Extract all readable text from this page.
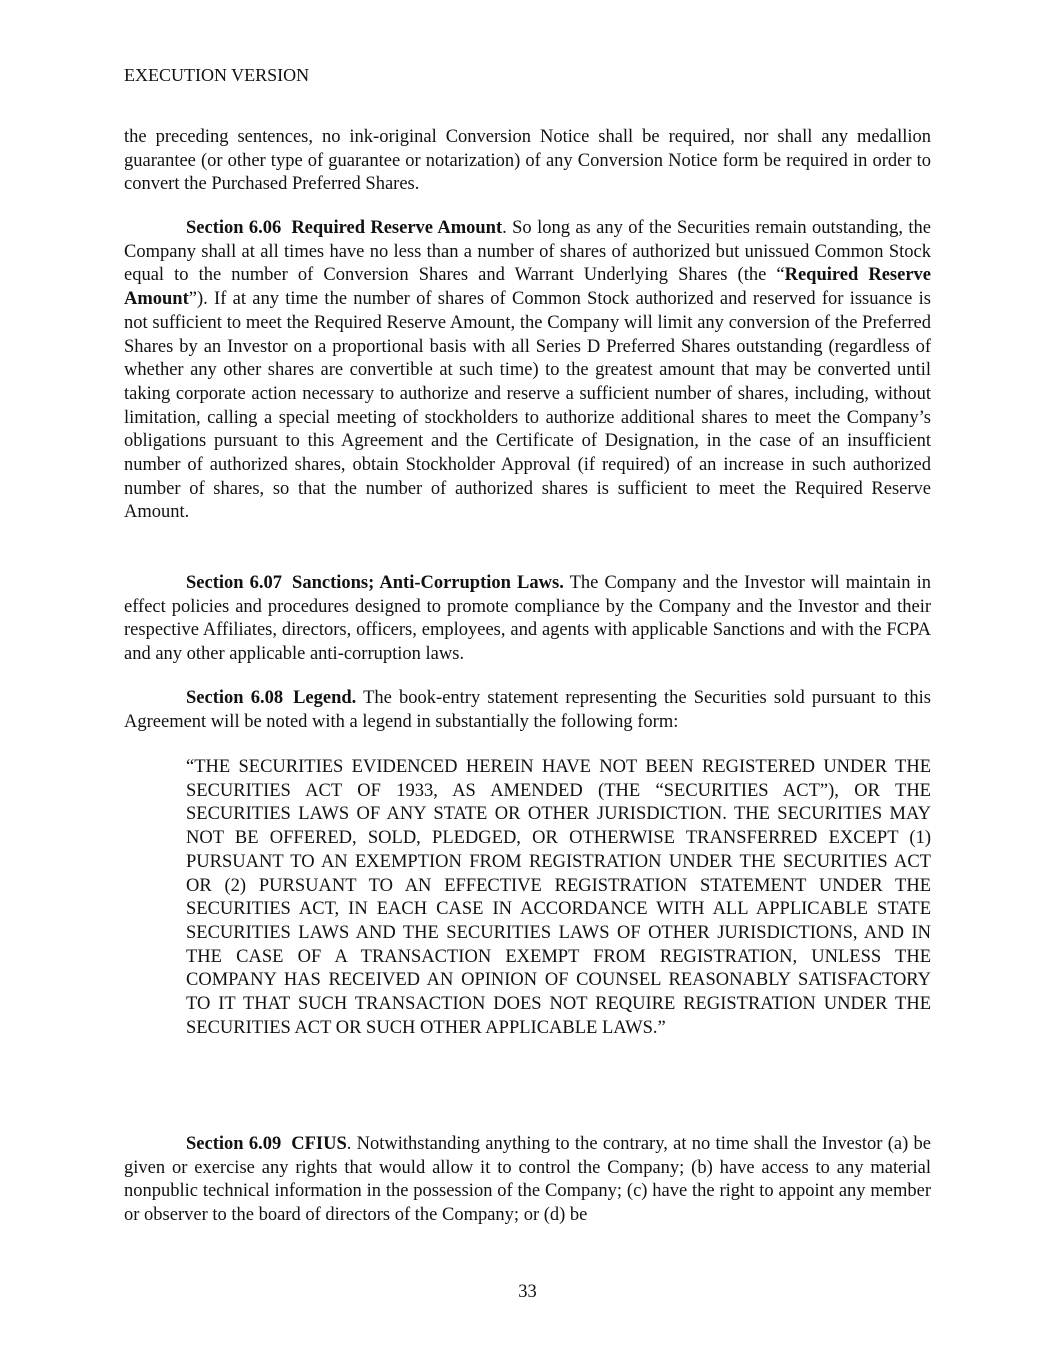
EXECUTION VERSION

the preceding sentences, no ink-original Conversion Notice shall be required, nor shall any medallion guarantee (or other type of guarantee or notarization) of any Conversion Notice form be required in order to convert the Purchased Preferred Shares.

Section 6.06 Required Reserve Amount. So long as any of the Securities remain outstanding, the Company shall at all times have no less than a number of shares of authorized but unissued Common Stock equal to the number of Conversion Shares and Warrant Underlying Shares (the “Required Reserve Amount”). If at any time the number of shares of Common Stock authorized and reserved for issuance is not sufficient to meet the Required Reserve Amount, the Company will limit any conversion of the Preferred Shares by an Investor on a proportional basis with all Series D Preferred Shares outstanding (regardless of whether any other shares are convertible at such time) to the greatest amount that may be converted until taking corporate action necessary to authorize and reserve a sufficient number of shares, including, without limitation, calling a special meeting of stockholders to authorize additional shares to meet the Company’s obligations pursuant to this Agreement and the Certificate of Designation, in the case of an insufficient number of authorized shares, obtain Stockholder Approval (if required) of an increase in such authorized number of shares, so that the number of authorized shares is sufficient to meet the Required Reserve Amount.

Section 6.07 Sanctions; Anti-Corruption Laws. The Company and the Investor will maintain in effect policies and procedures designed to promote compliance by the Company and the Investor and their respective Affiliates, directors, officers, employees, and agents with applicable Sanctions and with the FCPA and any other applicable anti-corruption laws.

Section 6.08 Legend. The book-entry statement representing the Securities sold pursuant to this Agreement will be noted with a legend in substantially the following form:

“THE SECURITIES EVIDENCED HEREIN HAVE NOT BEEN REGISTERED UNDER THE SECURITIES ACT OF 1933, AS AMENDED (THE “SECURITIES ACT”), OR THE SECURITIES LAWS OF ANY STATE OR OTHER JURISDICTION. THE SECURITIES MAY NOT BE OFFERED, SOLD, PLEDGED, OR OTHERWISE TRANSFERRED EXCEPT (1) PURSUANT TO AN EXEMPTION FROM REGISTRATION UNDER THE SECURITIES ACT OR (2) PURSUANT TO AN EFFECTIVE REGISTRATION STATEMENT UNDER THE SECURITIES ACT, IN EACH CASE IN ACCORDANCE WITH ALL APPLICABLE STATE SECURITIES LAWS AND THE SECURITIES LAWS OF OTHER JURISDICTIONS, AND IN THE CASE OF A TRANSACTION EXEMPT FROM REGISTRATION, UNLESS THE COMPANY HAS RECEIVED AN OPINION OF COUNSEL REASONABLY SATISFACTORY TO IT THAT SUCH TRANSACTION DOES NOT REQUIRE REGISTRATION UNDER THE SECURITIES ACT OR SUCH OTHER APPLICABLE LAWS.”

Section 6.09 CFIUS. Notwithstanding anything to the contrary, at no time shall the Investor (a) be given or exercise any rights that would allow it to control the Company; (b) have access to any material nonpublic technical information in the possession of the Company; (c) have the right to appoint any member or observer to the board of directors of the Company; or (d) be

33
